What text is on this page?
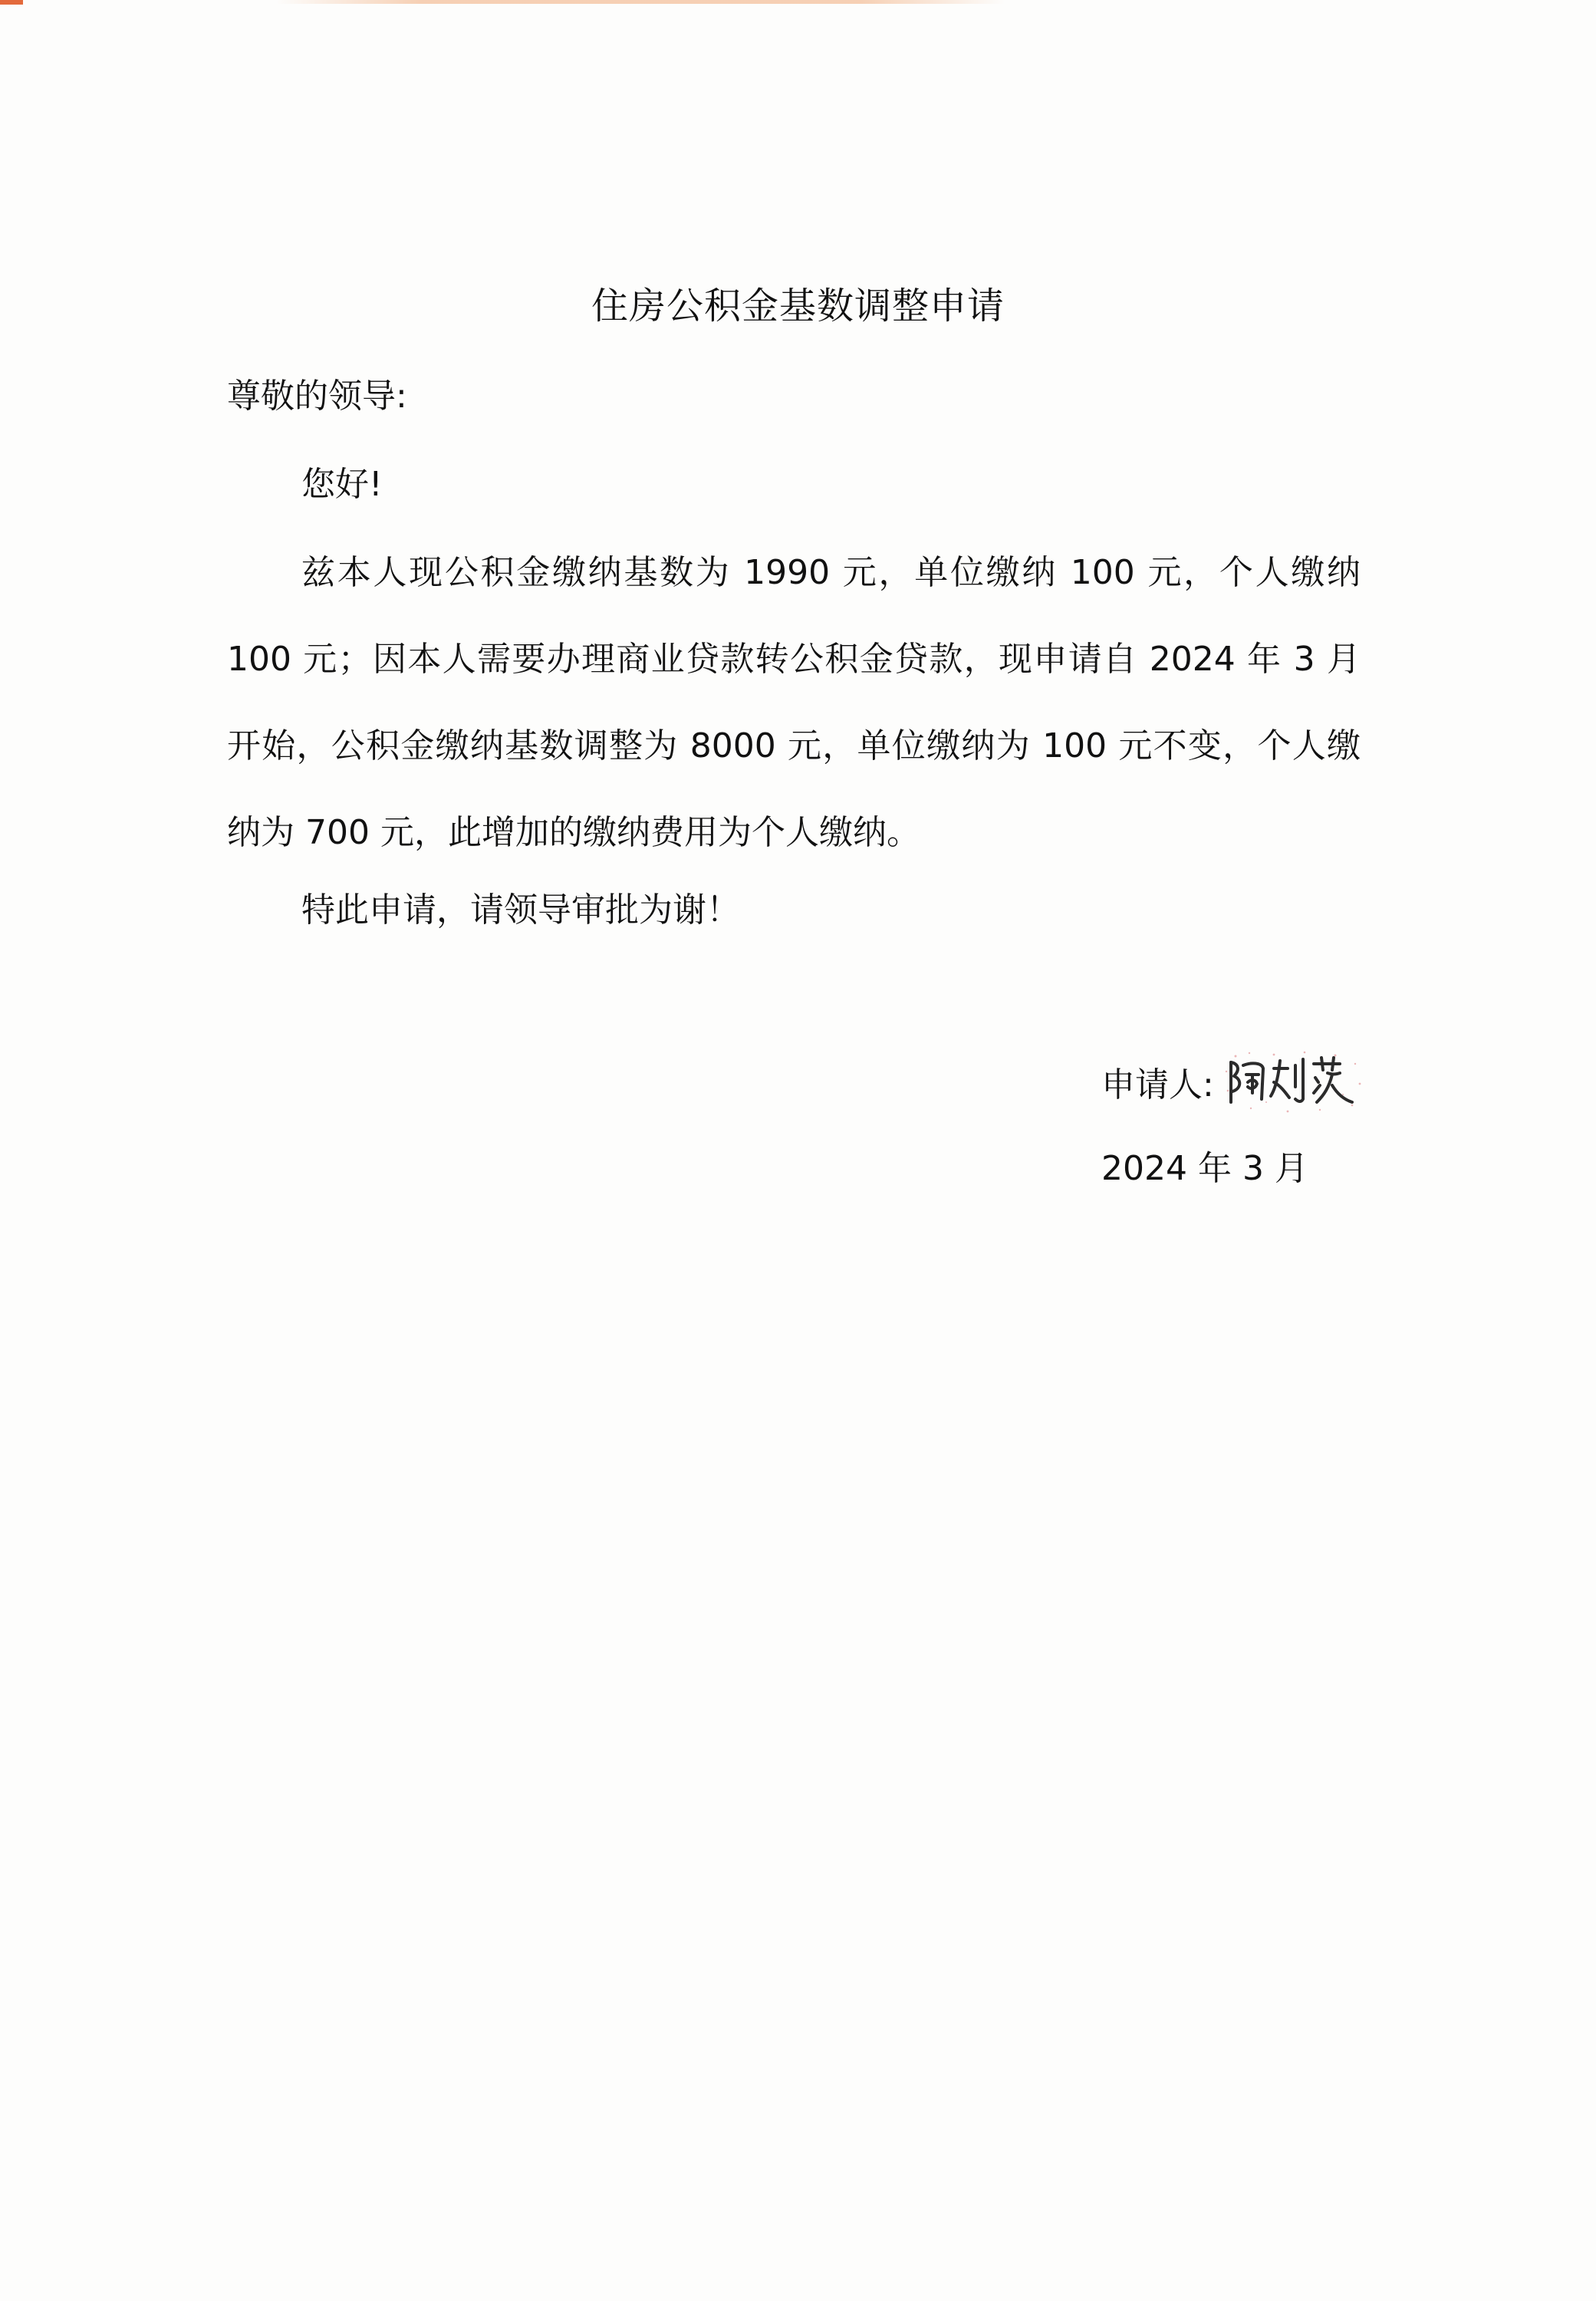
住房公积金基数调整申请
尊敬的领导:
您好!

兹本人现公积金缴纳基数为 1990 元，单位缴纳 100 元，个人缴纳 100 元；因本人需要办理商业贷款转公积金贷款，现申请自 2024 年 3 月开始，公积金缴纳基数调整为 8000 元，单位缴纳为 100 元不变，个人缴纳为 700 元，此增加的缴纳费用为个人缴纳。

特此申请，请领导审批为谢！
申请人:
2024 年 3 月
